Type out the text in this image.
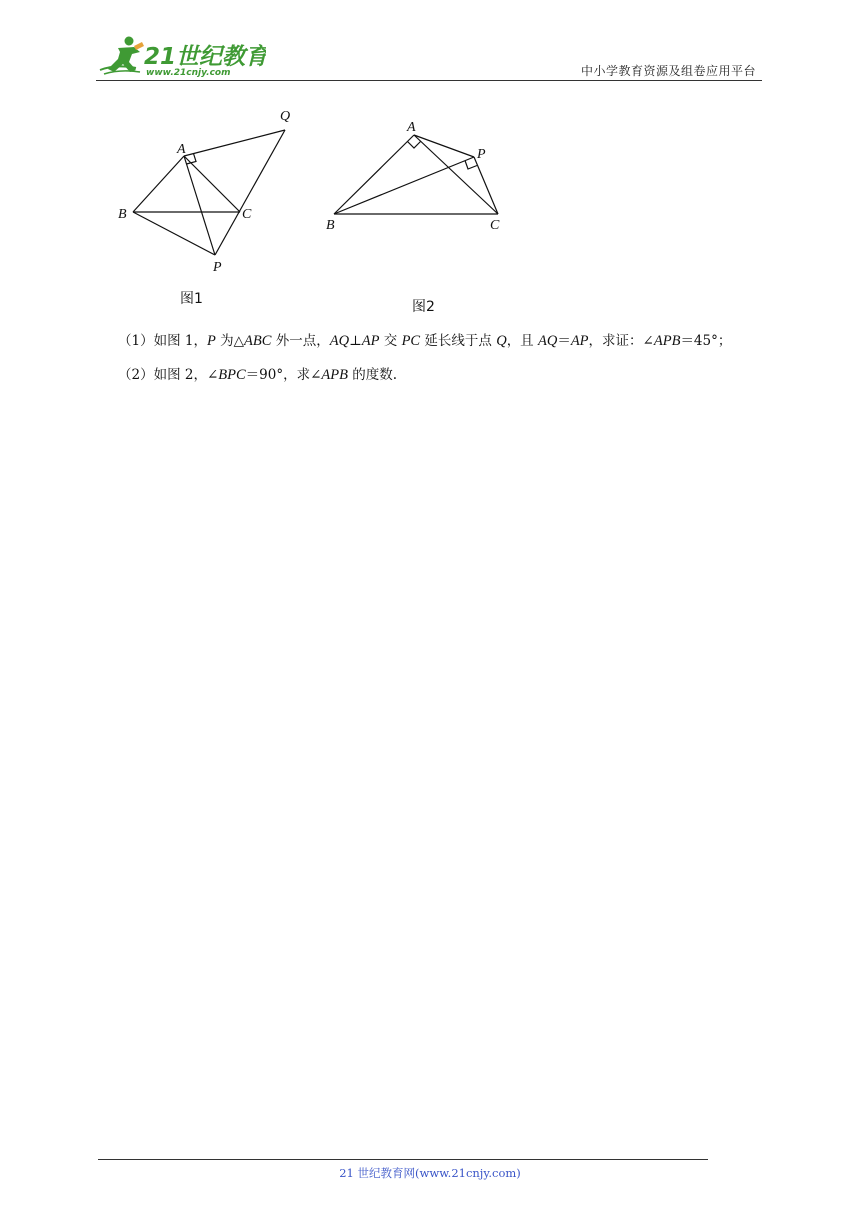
21世纪教育
www.21cnjy.com	中小学教育资源及组卷应用平台
A
B	C
P
Q
图1
A
B	C
P
图2
（1）如图 1，P 为△ABC 外一点，AQ⊥AP 交 PC 延长线于点 Q，且 AQ＝AP，求证：∠APB＝45°；
（2）如图 2，∠BPC＝90°，求∠APB 的度数.
21 世纪教育网(www.21cnjy.com)
